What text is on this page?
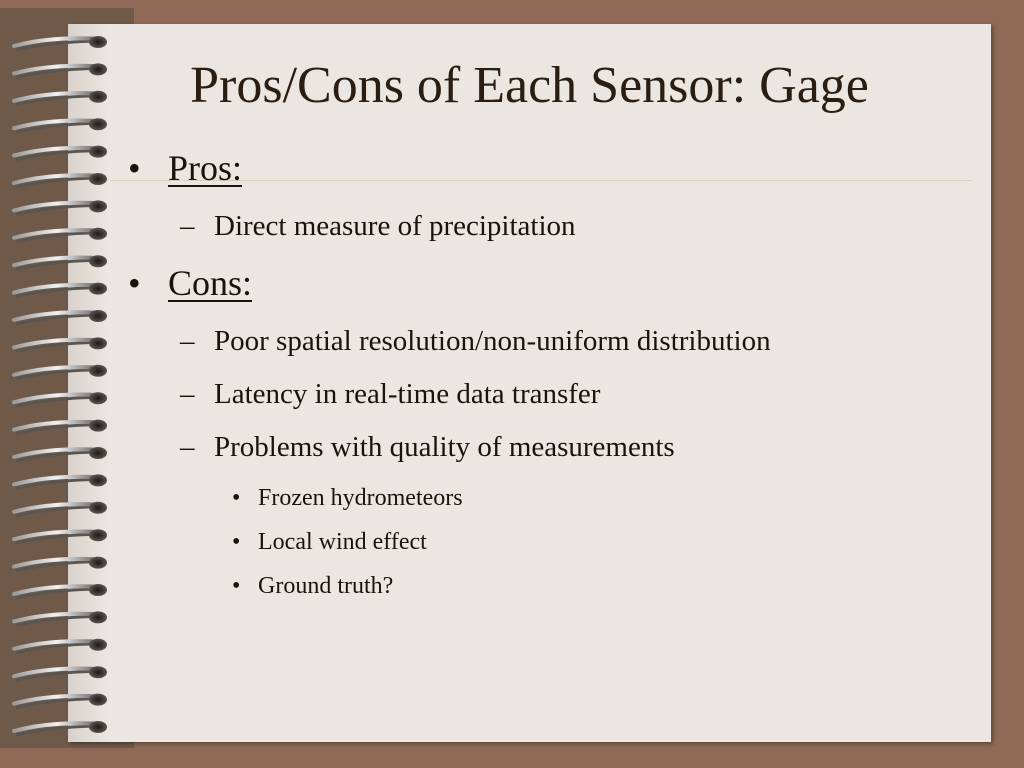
Pros/Cons of Each Sensor: Gage
• Pros:
– Direct measure of precipitation
• Cons:
– Poor spatial resolution/non-uniform distribution
– Latency in real-time data transfer
– Problems with quality of measurements
• Frozen hydrometeors
• Local wind effect
• Ground truth?
